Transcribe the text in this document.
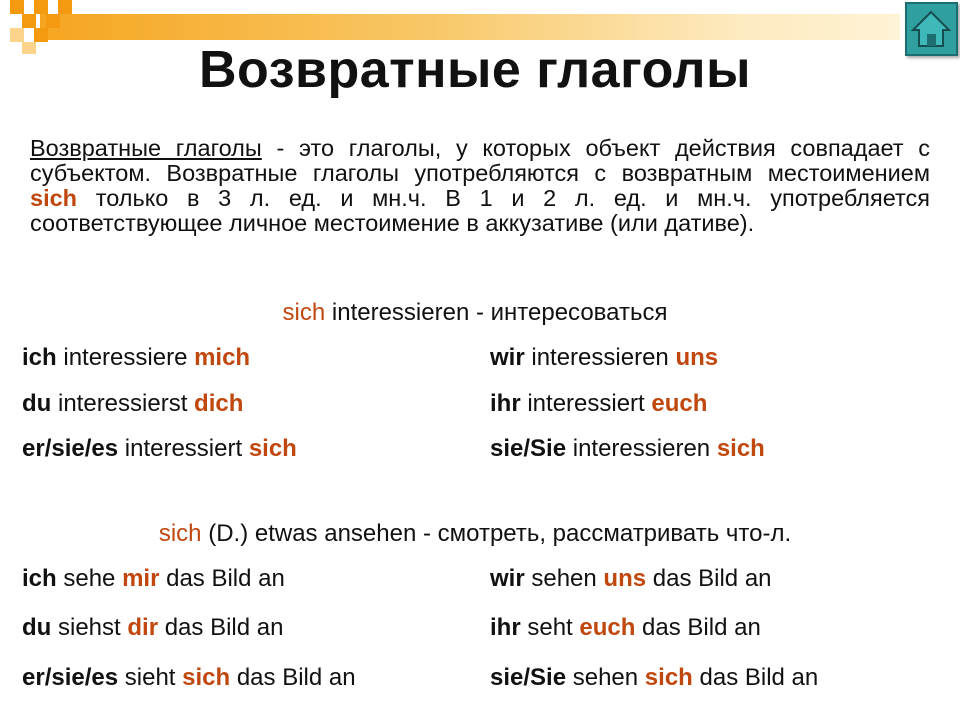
Возвратные глаголы
Возвратные глаголы - это глаголы, у которых объект действия совпадает с субъектом. Возвратные глаголы употребляются с возвратным местоимением sich только в 3 л. ед. и мн.ч. В 1 и 2 л. ед. и мн.ч. употребляется соответствующее личное местоимение в аккузативе (или дативе).
sich interessieren - интересоваться
ich interessiere mich
du interessierst dich
er/sie/es interessiert sich
wir interessieren uns
ihr interessiert euch
sie/Sie interessieren sich
sich (D.) etwas ansehen - смотреть, рассматривать что-л.
ich sehe mir das Bild an
du siehst dir das Bild an
er/sie/es sieht sich das Bild an
wir sehen uns das Bild an
ihr seht euch das Bild an
sie/Sie sehen sich das Bild an
